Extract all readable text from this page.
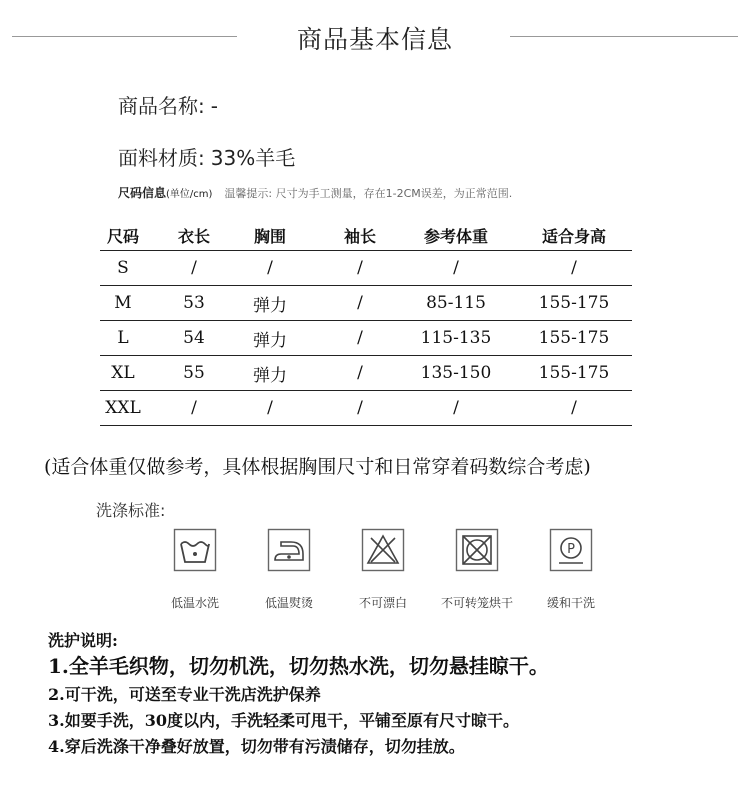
商品基本信息
商品名称: -
面料材质: 33%羊毛
尺码信息(单位/cm) 温馨提示: 尺寸为手工测量，存在1-2CM误差，为正常范围.
尺码	衣长	胸围	袖长	参考体重	适合身高
S	/	/	/	/	/
M	53	弹力	/	85-115	155-175
L	54	弹力	/	115-135	155-175
XL	55	弹力	/	135-150	155-175
XXL	/	/	/	/	/
(适合体重仅做参考，具体根据胸围尺寸和日常穿着码数综合考虑)
洗涤标准:
低温水洗	低温熨烫	不可漂白	不可转笼烘干
P
缓和干洗
洗护说明:
1.全羊毛织物，切勿机洗，切勿热水洗，切勿悬挂晾干。
2.可干洗，可送至专业干洗店洗护保养
3.如要手洗，30度以内，手洗轻柔可甩干，平铺至原有尺寸晾干。
4.穿后洗涤干净叠好放置，切勿带有污渍储存，切勿挂放。
